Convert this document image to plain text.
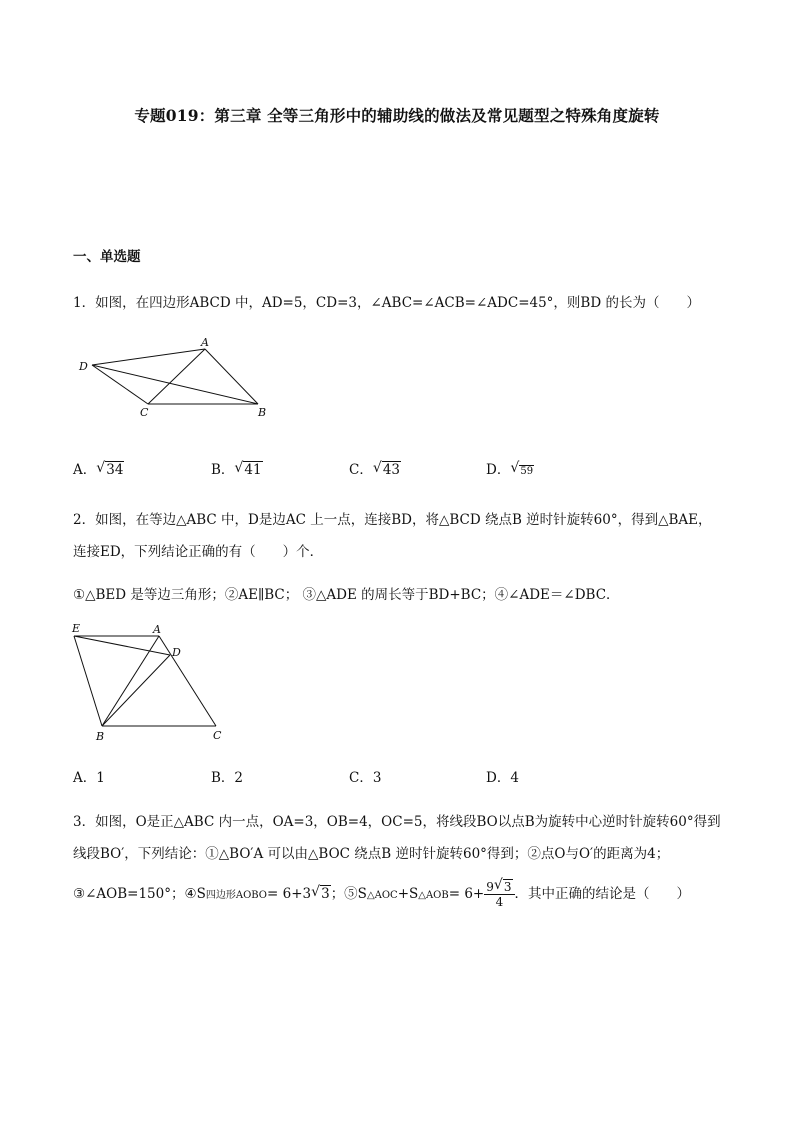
专题019：第三章 全等三角形中的辅助线的做法及常见题型之特殊角度旋转
一、单选题
1．如图，在四边形ABCD 中，AD=5，CD=3，∠ABC=∠ACB=∠ADC=45°，则BD 的长为（　　）
D
A
C	B
A． √ 34	B． √ 41	C． √ 43	D． √ 59
2．如图，在等边△ABC 中，D是边AC 上一点，连接BD，将△BCD 绕点B 逆时针旋转60°，得到△BAE，
连接ED，下列结论正确的有（　　）个．
①△BED 是等边三角形；②AE∥BC； ③△ADE 的周长等于BD+BC；④∠ADE＝∠DBC．
E	A
D
B	C
A．1	B．2	C．3	D．4
3．如图，O是正△ABC 内一点，OA=3，OB=4，OC=5，将线段BO以点B为旋转中心逆时针旋转60°得到
线段BO′，下列结论：①△BO′A 可以由△BOC 绕点B 逆时针旋转60°得到；②点O与O′的距离为4；
③∠AOB=150°；④S四边形AOBO= 6+3 √ 3；⑤S△AOC+S△AOB= $6+ \frac{9 √ 3}{4}$ ．其中正确的结论是（　　）
